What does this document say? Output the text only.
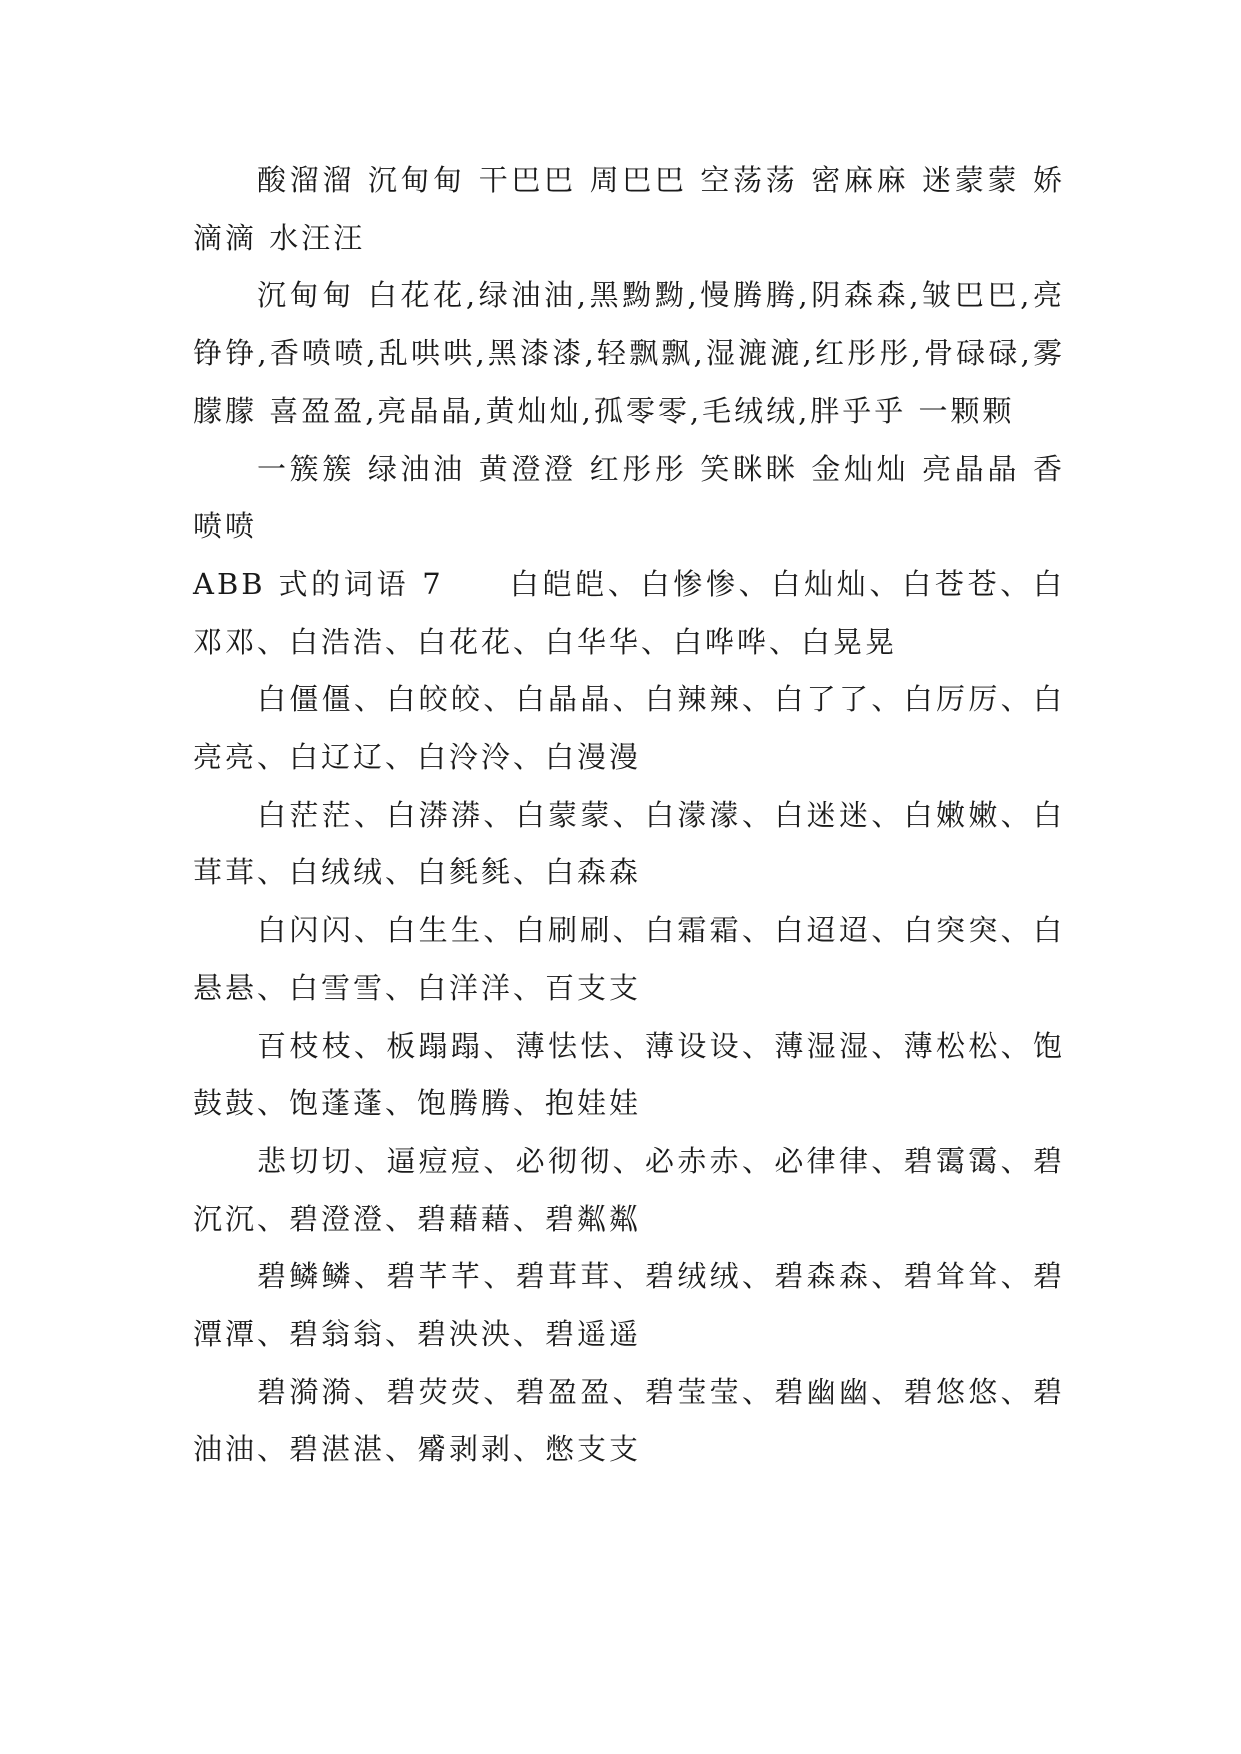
酸溜溜 沉甸甸 干巴巴 周巴巴 空荡荡 密麻麻 迷蒙蒙 娇滴滴 水汪汪

沉甸甸 白花花,绿油油,黑黝黝,慢腾腾,阴森森,皱巴巴,亮铮铮,香喷喷,乱哄哄,黑漆漆,轻飘飘,湿漉漉,红彤彤,骨碌碌,雾朦朦 喜盈盈,亮晶晶,黄灿灿,孤零零,毛绒绒,胖乎乎 一颗颗

一簇簇 绿油油 黄澄澄 红彤彤 笑眯眯 金灿灿 亮晶晶 香喷喷

ABB 式的词语 7　　白皑皑、白惨惨、白灿灿、白苍苍、白邓邓、白浩浩、白花花、白华华、白哗哗、白晃晃

白僵僵、白皎皎、白晶晶、白辣辣、白了了、白厉厉、白亮亮、白辽辽、白泠泠、白漫漫

白茫茫、白漭漭、白蒙蒙、白濛濛、白迷迷、白嫩嫩、白茸茸、白绒绒、白毵毵、白森森

白闪闪、白生生、白刷刷、白霜霜、白迢迢、白突突、白悬悬、白雪雪、白洋洋、百支支

百枝枝、板蹋蹋、薄怯怯、薄设设、薄湿湿、薄松松、饱鼓鼓、饱蓬蓬、饱腾腾、抱娃娃

悲切切、逼痘痘、必彻彻、必赤赤、必律律、碧霭霭、碧沉沉、碧澄澄、碧藉藉、碧粼粼

碧鳞鳞、碧芊芊、碧茸茸、碧绒绒、碧森森、碧耸耸、碧潭潭、碧翁翁、碧泱泱、碧遥遥

碧漪漪、碧荧荧、碧盈盈、碧莹莹、碧幽幽、碧悠悠、碧油油、碧湛湛、觱剥剥、憋支支
